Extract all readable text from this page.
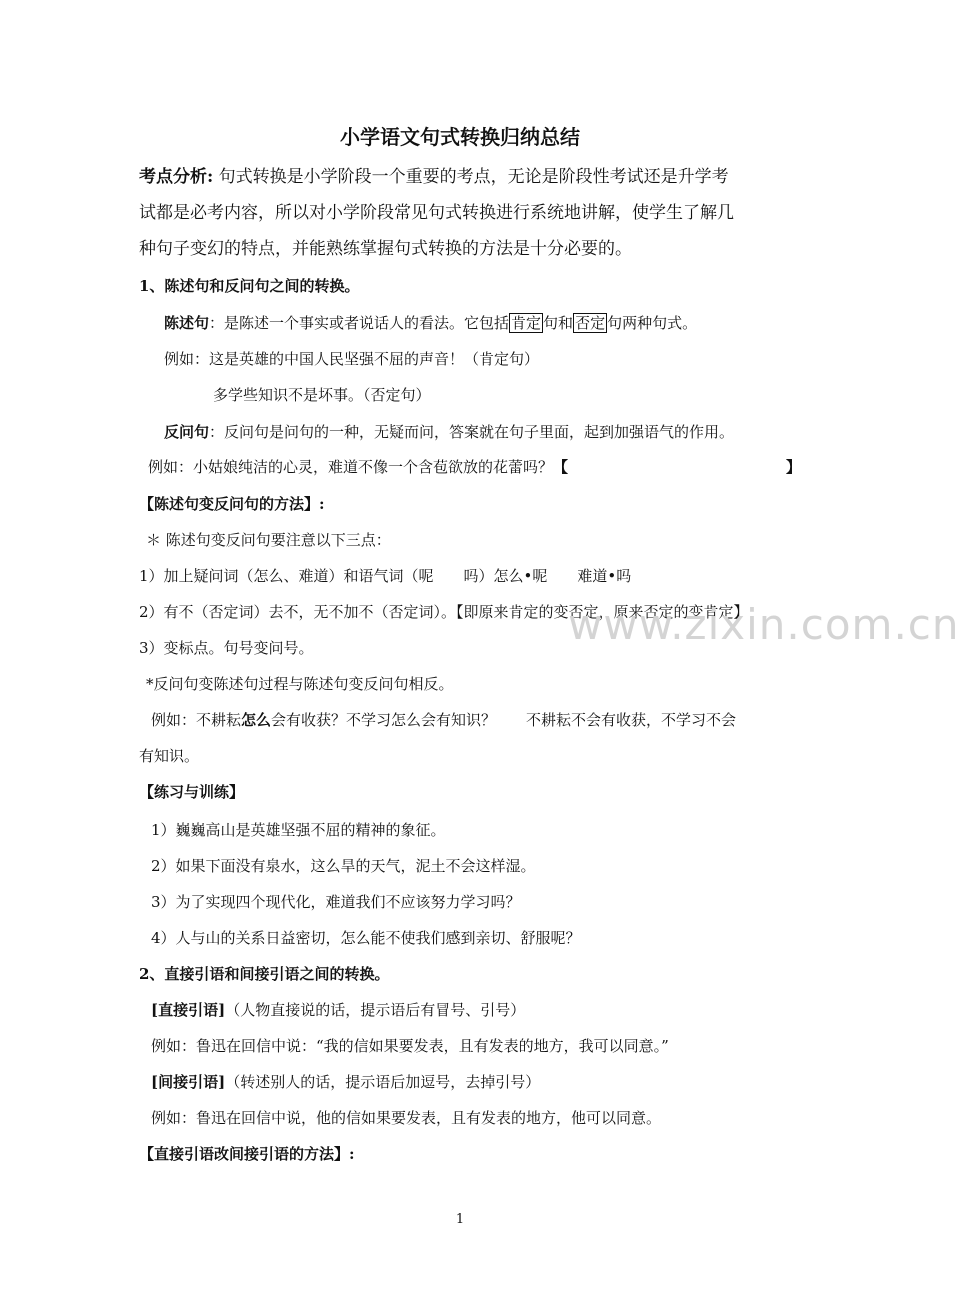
小学语文句式转换归纳总结
考点分析: 句式转换是小学阶段一个重要的考点，无论是阶段性考试还是升学考
试都是必考内容，所以对小学阶段常见句式转换进行系统地讲解，使学生了解几
种句子变幻的特点，并能熟练掌握句式转换的方法是十分必要的。
1、陈述句和反问句之间的转换。
陈述句：是陈述一个事实或者说话人的看法。它包括 肯定 句和 否定 句两种句式。
例如：这是英雄的中国人民坚强不屈的声音！（肯定句）
多学些知识不是坏事。（否定句）
反问句：反问句是问句的一种，无疑而问，答案就在句子里面，起到加强语气的作用。
例如：小姑娘纯洁的心灵，难道不像一个含苞欲放的花蕾吗？【	】
【陈述句变反问句的方法】:
＊ 陈述句变反问句要注意以下三点：
1）加上疑问词（怎么、难道）和语气词（呢　　吗）怎么•呢　　难道•吗
2）有不（否定词）去不，无不加不（否定词）。【即原来肯定的变否定，原来否定的变肯定】
3）变标点。句号变问号。
*反问句变陈述句过程与陈述句变反问句相反。
例如：不耕耘怎么会有收获？不学习怎么会有知识？　　不耕耘不会有收获，不学习不会
有知识。
【练习与训练】
1）巍巍高山是英雄坚强不屈的精神的象征。
2）如果下面没有泉水，这么旱的天气，泥土不会这样湿。
3）为了实现四个现代化，难道我们不应该努力学习吗？
4）人与山的关系日益密切，怎么能不使我们感到亲切、舒服呢？
2、直接引语和间接引语之间的转换。
[直接引语]（人物直接说的话，提示语后有冒号、引号）
例如：鲁迅在回信中说：“我的信如果要发表，且有发表的地方，我可以同意。”
[间接引语]（转述别人的话，提示语后加逗号，去掉引号）
例如：鲁迅在回信中说，他的信如果要发表，且有发表的地方，他可以同意。
【直接引语改间接引语的方法】:
www.zixin.com.cn
1
